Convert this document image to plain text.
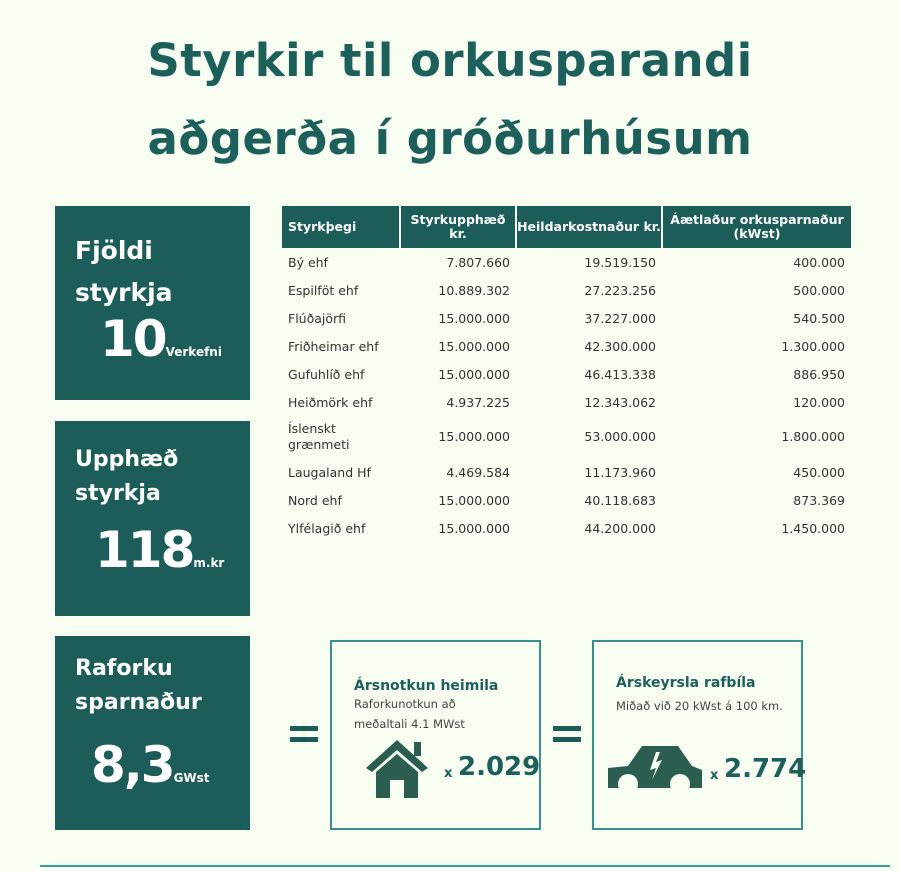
Styrkir til orkusparandi
aðgerða í gróðurhúsum
Fjöldi
styrkja
10Verkefni
Upphæð
styrkja
118m.kr
Raforku
sparnaður
8,3GWst
Styrkþegi	Styrkupphæð kr.	Heildarkostnaður kr.	Áætlaður orkusparnaður (kWst)
Bý ehf	7.807.660	19.519.150	400.000
Espilföt ehf	10.889.302	27.223.256	500.000
Flúðajörfi	15.000.000	37.227.000	540.500
Friðheimar ehf	15.000.000	42.300.000	1.300.000
Gufuhlíð ehf	15.000.000	46.413.338	886.950
Heiðmörk ehf	4.937.225	12.343.062	120.000
Íslenskt grænmeti	15.000.000	53.000.000	1.800.000
Laugaland Hf	4.469.584	11.173.960	450.000
Nord ehf	15.000.000	40.118.683	873.369
Ylfélagið ehf	15.000.000	44.200.000	1.450.000
Ársnotkun heimila
Raforkunotkun að
meðaltali 4.1 MWst
x 2.029
Árskeyrsla rafbíla
Miðað við 20 kWst á 100 km.
x 2.774
